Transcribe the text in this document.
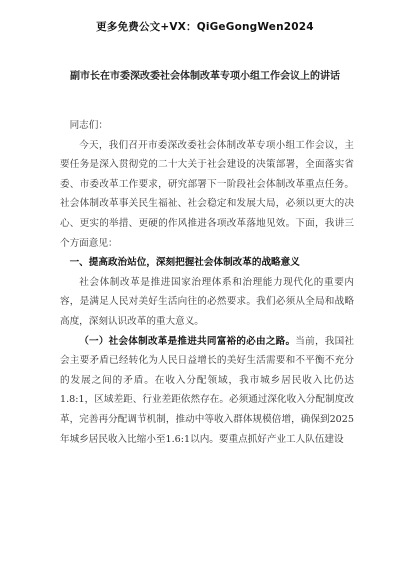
更多免费公文+VX：QiGeGongWen2024
副市长在市委深改委社会体制改革专项小组工作会议上的讲话

同志们：

今天，我们召开市委深改委社会体制改革专项小组工作会议，主要任务是深入贯彻党的二十大关于社会建设的决策部署，全面落实省委、市委改革工作要求，研究部署下一阶段社会体制改革重点任务。社会体制改革事关民生福祉、社会稳定和发展大局，必须以更大的决心、更实的举措、更硬的作风推进各项改革落地见效。下面，我讲三个方面意见：

一、提高政治站位，深刻把握社会体制改革的战略意义

社会体制改革是推进国家治理体系和治理能力现代化的重要内容，是满足人民对美好生活向往的必然要求。我们必须从全局和战略高度，深刻认识改革的重大意义。

（一）社会体制改革是推进共同富裕的必由之路。当前，我国社会主要矛盾已经转化为人民日益增长的美好生活需要和不平衡不充分的发展之间的矛盾。在收入分配领域，我市城乡居民收入比仍达1.8:1，区域差距、行业差距依然存在。必须通过深化收入分配制度改革，完善再分配调节机制，推动中等收入群体规模倍增，确保到2025年城乡居民收入比缩小至1.6:1以内。要重点抓好产业工人队伍建设
